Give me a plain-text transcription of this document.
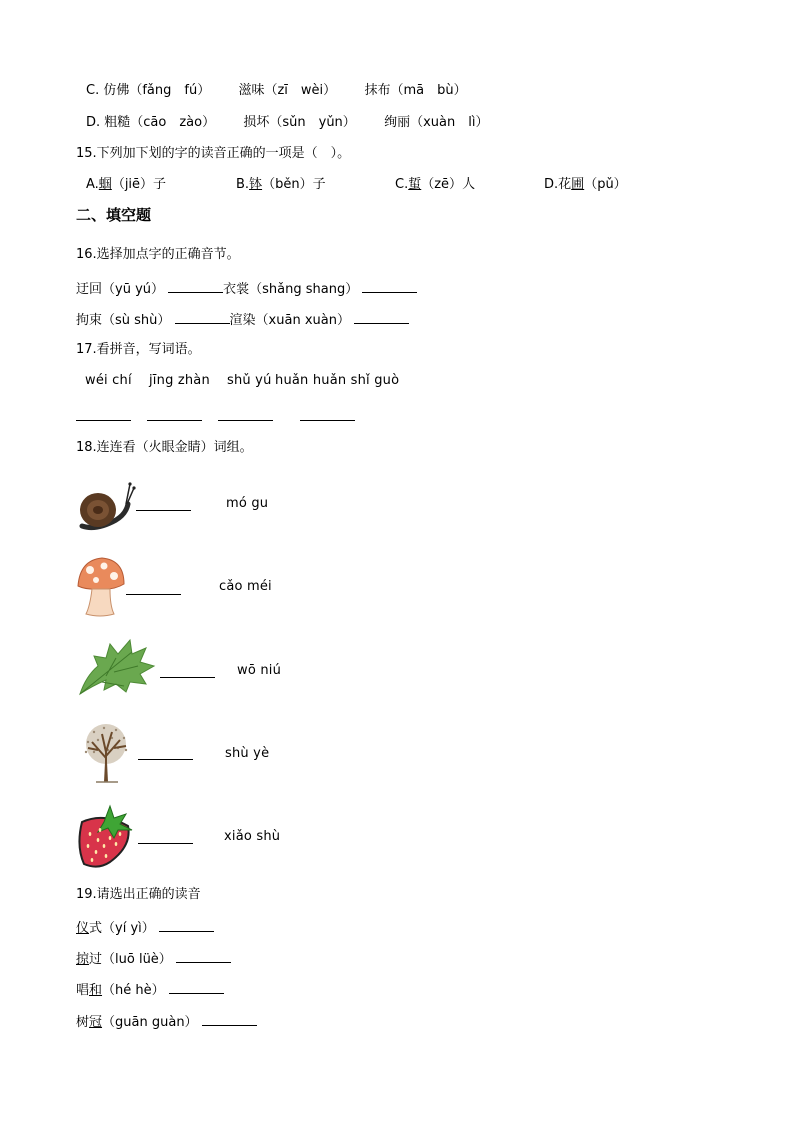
C. 仿佛（fǎng　fú） 滋味（zī　wèi） 抹布（mā　bù）
D. 粗糙（cāo　zào） 损坏（sǔn　yǔn） 绚丽（xuàn　lì）
15.下列加下划的字的读音正确的一项是（　）。
A.蝈（jiē）子	B.钵（běn）子	C.蜇（zē）人	D.花圃（pǔ）
二、填空题
16.选择加点字的正确音节。
迂回（yū yú）	衣裳（shǎng shang）
拘束（sù shù）	渲染（xuān xuàn）
17.看拼音，写词语。
wéi chí jīng zhàn shǔ yú huǎn huǎn shǐ guò
18.连连看（火眼金睛）词组。
mó gu
cǎo méi
wō niú
shù yè
xiǎo shù
19.请选出正确的读音
仪式（yí yì）
掠过（luō lüè）
唱和（hé hè）
树冠（guān guàn）
